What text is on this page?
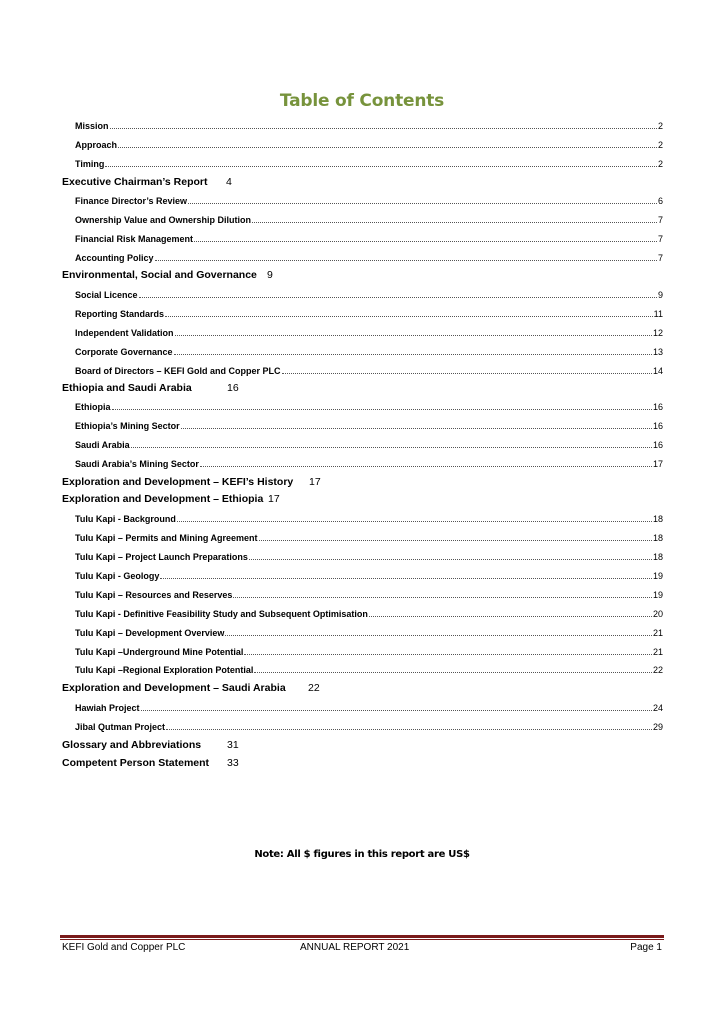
Table of Contents
Mission	2
Approach	2
Timing	2
Executive Chairman’s Report 4
Finance Director’s Review	6
Ownership Value and Ownership Dilution	7
Financial Risk Management	7
Accounting Policy	7
Environmental, Social and Governance 9
Social Licence	9
Reporting Standards	11
Independent Validation	12
Corporate Governance	13
Board of Directors – KEFI Gold and Copper PLC	14
Ethiopia and Saudi Arabia	16
Ethiopia	16
Ethiopia’s Mining Sector	16
Saudi Arabia	16
Saudi Arabia’s Mining Sector	17
Exploration and Development – KEFI’s History 17
Exploration and Development – Ethiopia 17
Tulu Kapi - Background	18
Tulu Kapi – Permits and Mining Agreement	18
Tulu Kapi – Project Launch Preparations	18
Tulu Kapi - Geology	19
Tulu Kapi – Resources and Reserves	19
Tulu Kapi - Definitive Feasibility Study and Subsequent Optimisation	20
Tulu Kapi – Development Overview	21
Tulu Kapi –Underground Mine Potential	21
Tulu Kapi –Regional Exploration Potential	22
Exploration and Development – Saudi Arabia 22
Hawiah Project	24
Jibal Qutman Project	29
Glossary and Abbreviations 31
Competent Person Statement 33
Note: All $ figures in this report are US$
KEFI Gold and Copper PLC	ANNUAL REPORT 2021	Page 1
